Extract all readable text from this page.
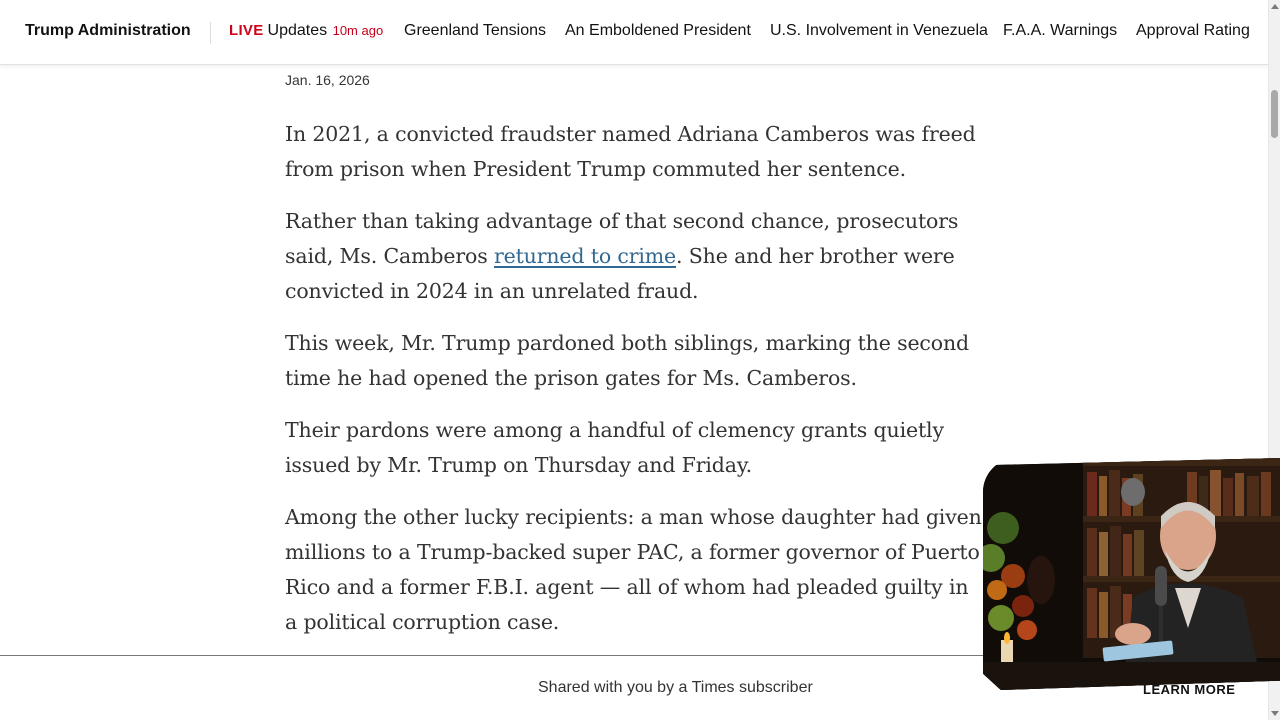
Trump Administration	LIVE Updates 10m ago Greenland Tensions An Emboldened President U.S. Involvement in Venezuela F.A.A. Warnings Approval Rating
Jan. 16, 2026

In 2021, a convicted fraudster named Adriana Camberos was freed from prison when President Trump commuted her sentence.

Rather than taking advantage of that second chance, prosecutors said, Ms. Camberos returned to crime. She and her brother were convicted in 2024 in an unrelated fraud.

This week, Mr. Trump pardoned both siblings, marking the second time he had opened the prison gates for Ms. Camberos.

Their pardons were among a handful of clemency grants quietly issued by Mr. Trump on Thursday and Friday.

Among the other lucky recipients: a man whose daughter had given millions to a Trump-backed super PAC, a former governor of Puerto Rico and a former F.B.I. agent — all of whom had pleaded guilty in a political corruption case.

Shared with you by a Times subscriber	LEARN MORE
